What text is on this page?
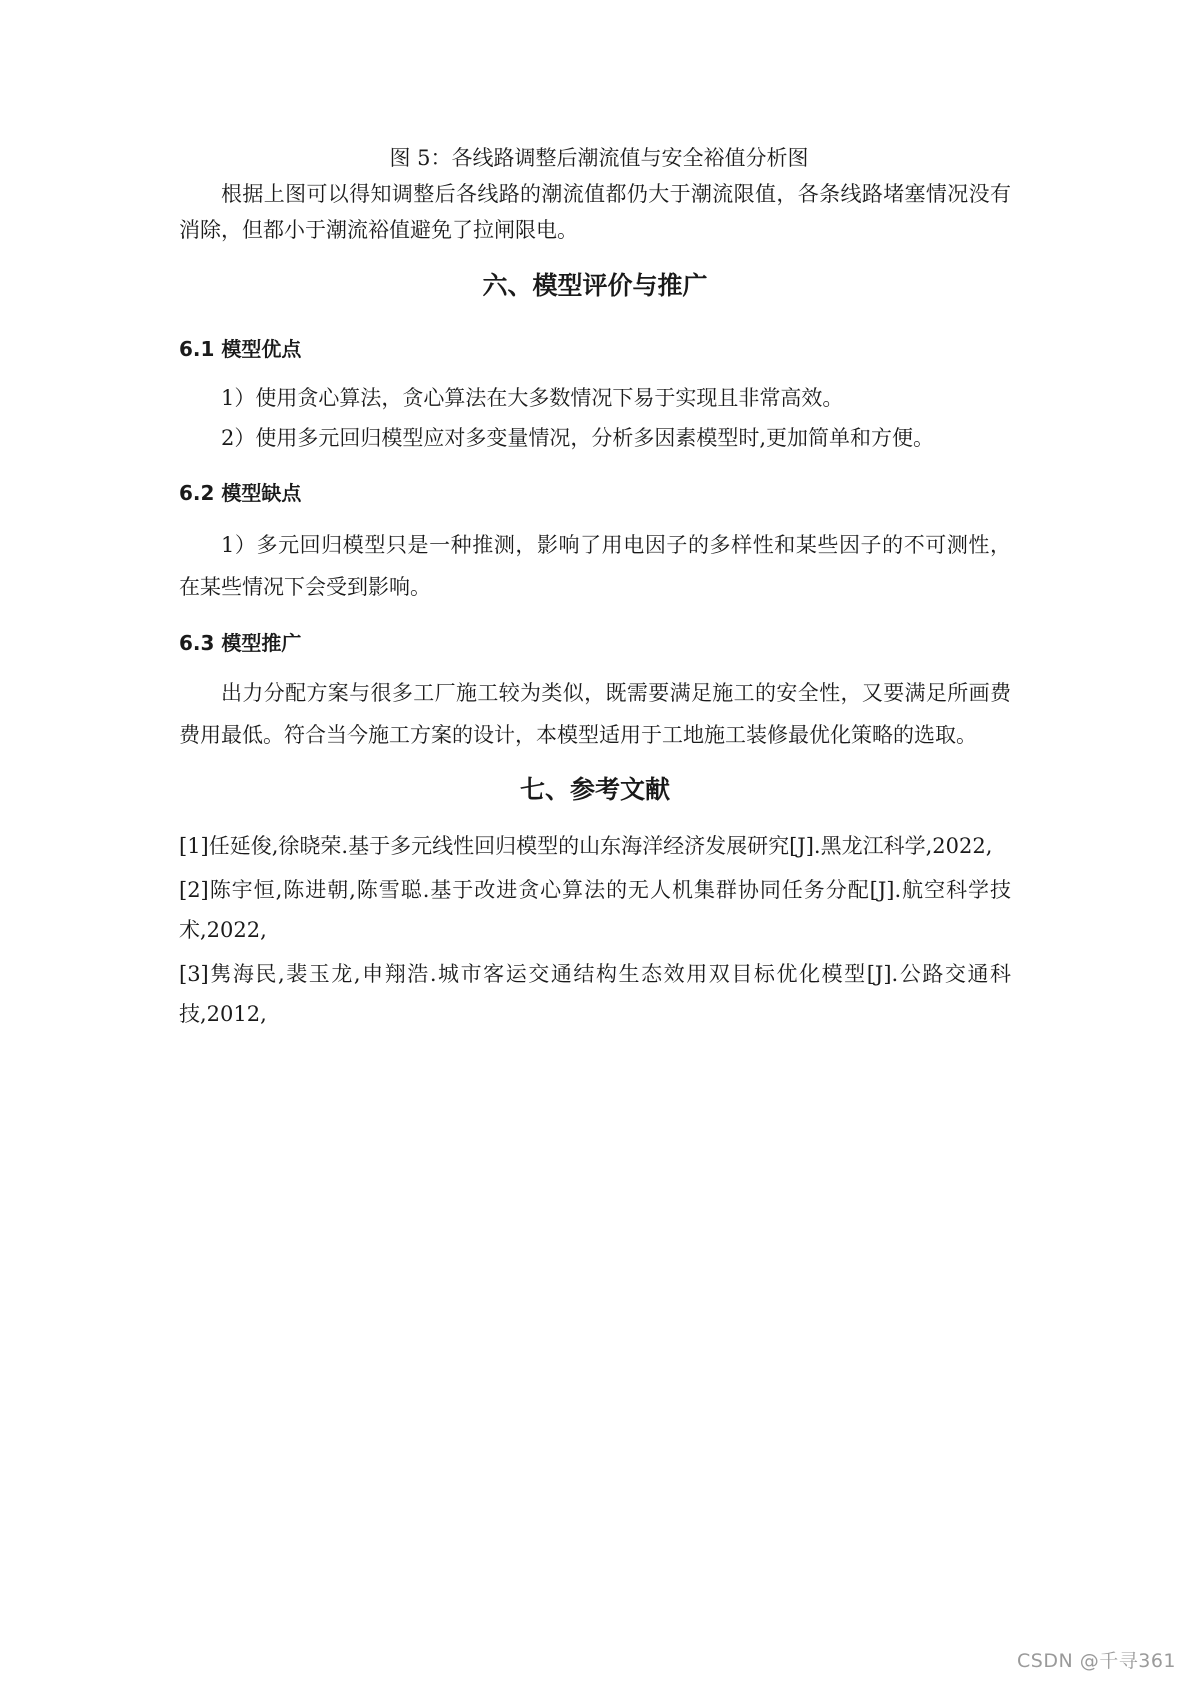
图 5：各线路调整后潮流值与安全裕值分析图

根据上图可以得知调整后各线路的潮流值都仍大于潮流限值，各条线路堵塞情况没有消除，但都小于潮流裕值避免了拉闸限电。

六、模型评价与推广
6.1 模型优点

1）使用贪心算法，贪心算法在大多数情况下易于实现且非常高效。

2）使用多元回归模型应对多变量情况，分析多因素模型时,更加简单和方便。

6.2 模型缺点

1）多元回归模型只是一种推测，影响了用电因子的多样性和某些因子的不可测性，在某些情况下会受到影响。

6.3 模型推广

出力分配方案与很多工厂施工较为类似，既需要满足施工的安全性，又要满足所画费费用最低。符合当今施工方案的设计，本模型适用于工地施工装修最优化策略的选取。

七、参考文献

[1]任延俊,徐晓荣.基于多元线性回归模型的山东海洋经济发展研究[J].黑龙江科学,2022,

[2]陈宇恒,陈进朝,陈雪聪.基于改进贪心算法的无人机集群协同任务分配[J].航空科学技术,2022,

[3]隽海民,裴玉龙,申翔浩.城市客运交通结构生态效用双目标优化模型[J].公路交通科技,2012,

CSDN @千寻361
